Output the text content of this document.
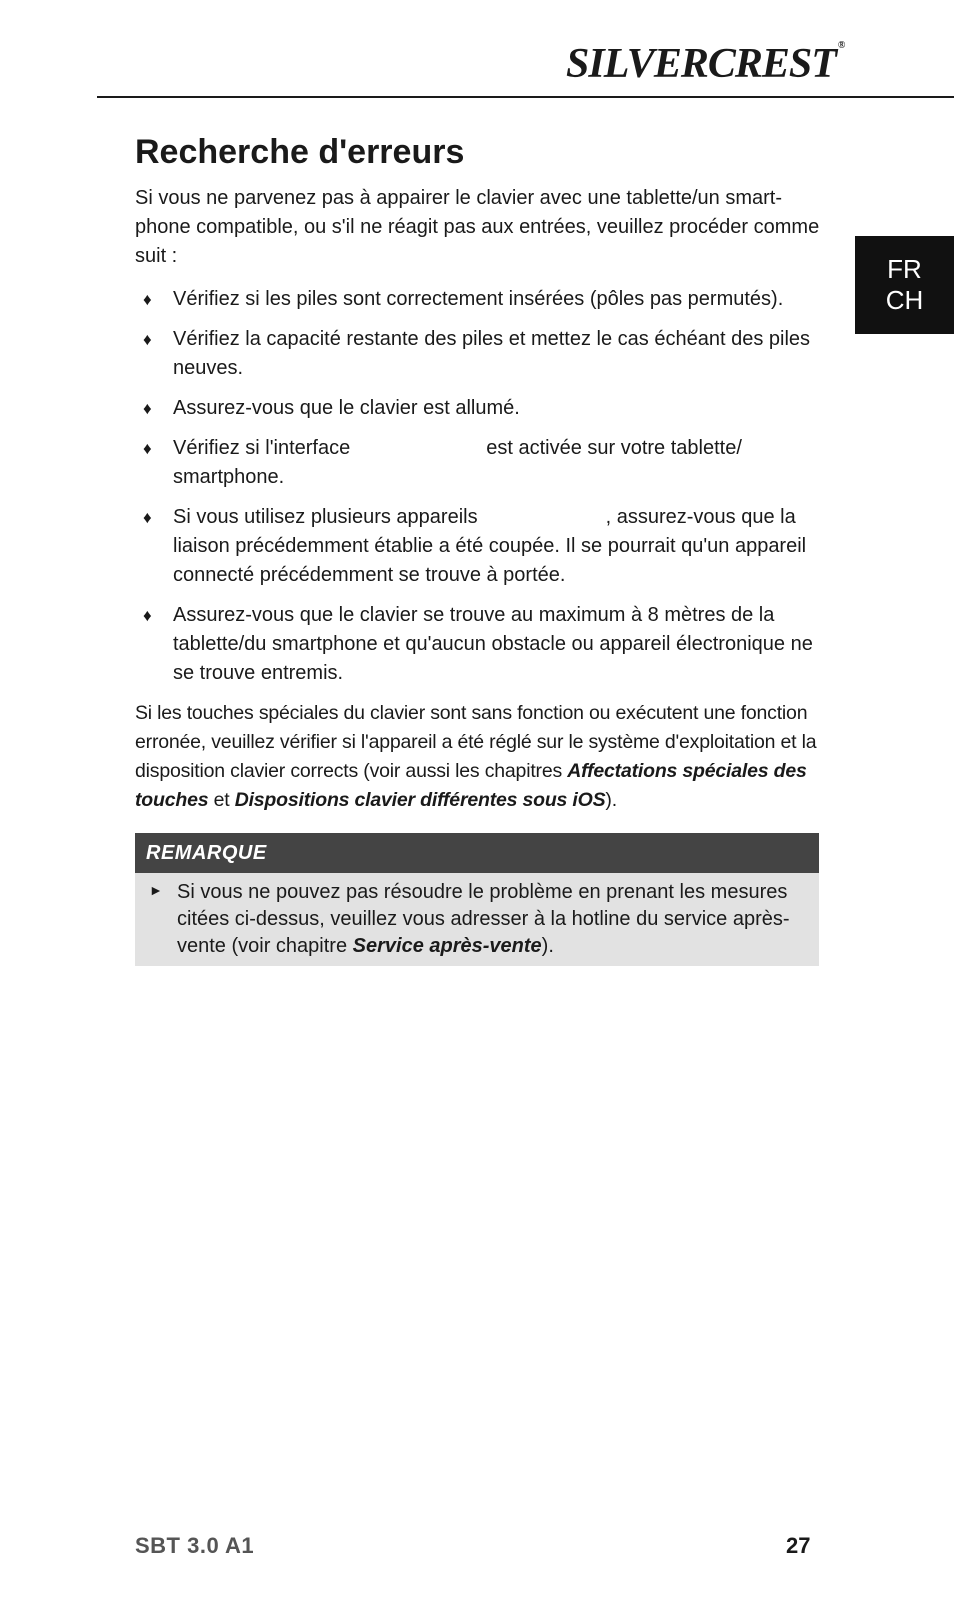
SILVERCREST ®
FR
CH
Recherche d'erreurs

Si vous ne parvenez pas à appairer le clavier avec une tablette/un smart-phone compatible, ou s'il ne réagit pas aux entrées, veuillez procéder comme suit :

♦ Vérifiez si les piles sont correctement insérées (pôles pas permutés).
♦ Vérifiez la capacité restante des piles et mettez le cas échéant des piles neuves.
♦ Assurez-vous que le clavier est allumé.
♦ Vérifiez si l'interface	est activée sur votre tablette/ smartphone.
♦ Si vous utilisez plusieurs appareils	, assurez-vous que la liaison précédemment établie a été coupée. Il se pourrait qu'un appareil connecté précédemment se trouve à portée.
♦ Assurez-vous que le clavier se trouve au maximum à 8 mètres de la tablette/du smartphone et qu'aucun obstacle ou appareil électronique ne se trouve entremis.

Si les touches spéciales du clavier sont sans fonction ou exécutent une fonction erronée, veuillez vérifier si l'appareil a été réglé sur le système d'exploitation et la disposition clavier corrects (voir aussi les chapitres Affectations spéciales des touches et Dispositions clavier différentes sous iOS).

REMARQUE
► Si vous ne pouvez pas résoudre le problème en prenant les mesures citées ci-dessus, veuillez vous adresser à la hotline du service après-vente (voir chapitre Service après-vente).
SBT 3.0 A1	27
